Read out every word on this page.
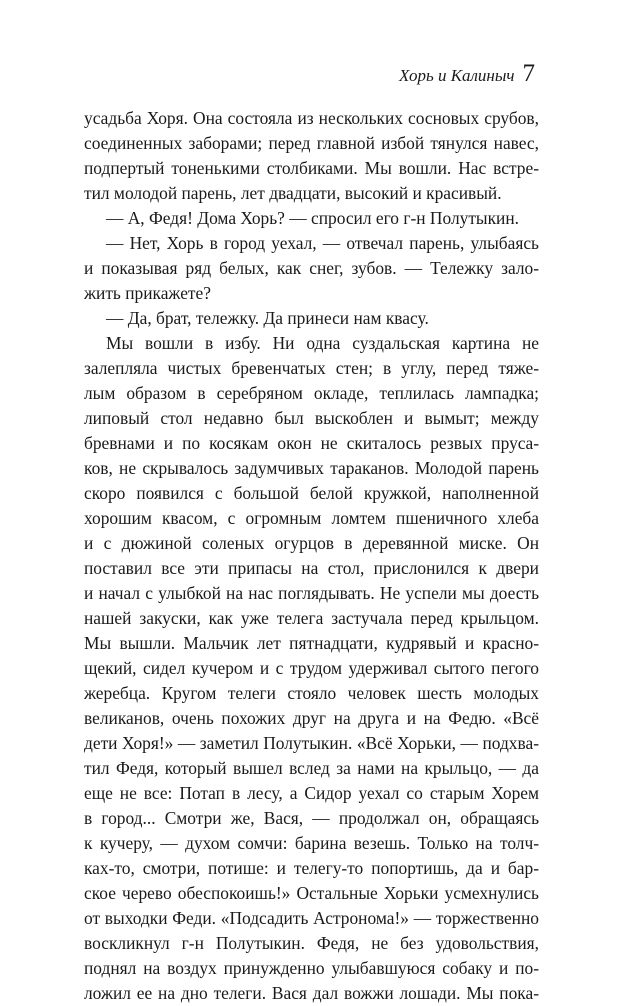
Хорь и Калиныч 7
усадьба Хоря. Она состояла из нескольких сосновых срубов,
соединенных заборами; перед главной избой тянулся навес,
подпертый тоненькими столбиками. Мы вошли. Нас встре-
тил молодой парень, лет двадцати, высокий и красивый.
— А, Федя! Дома Хорь? — спросил его г-н Полутыкин.
— Нет, Хорь в город уехал, — отвечал парень, улыбаясь
и показывая ряд белых, как снег, зубов. — Тележку зало-
жить прикажете?
— Да, брат, тележку. Да принеси нам квасу.
Мы вошли в избу. Ни одна суздальская картина не
залепляла чистых бревенчатых стен; в углу, перед тяже-
лым образом в серебряном окладе, теплилась лампадка;
липовый стол недавно был выскоблен и вымыт; между
бревнами и по косякам окон не скиталось резвых прусa-
ков, не скрывалось задумчивых тараканов. Молодой парень
скоро появился с большой белой кружкой, наполненной
хорошим квасом, с огромным ломтем пшеничного хлеба
и с дюжиной соленых огурцов в деревянной миске. Он
поставил все эти припасы на стол, прислонился к двери
и начал с улыбкой на нас поглядывать. Не успели мы доесть
нашей закуски, как уже телега застучала перед крыльцом.
Мы вышли. Мальчик лет пятнадцати, кудрявый и красно-
щекий, сидел кучером и с трудом удерживал сытого пегого
жеребца. Кругом телеги стояло человек шесть молодых
великанов, очень похожих друг на друга и на Федю. «Всё
дети Хоря!» — заметил Полутыкин. «Всё Хорьки, — подхва-
тил Федя, который вышел вслед за нами на крыльцо, — да
еще не все: Потап в лесу, а Сидор уехал со старым Хорем
в город... Смотри же, Вася, — продолжал он, обращаясь
к кучеру, — духом сомчи: барина везешь. Только на толч-
ках-то, смотри, потише: и телегу-то попортишь, да и бар-
ское черево обеспокоишь!» Остальные Хорьки усмехнулись
от выходки Феди. «Подсадить Астронома!» — торжественно
воскликнул г-н Полутыкин. Федя, не без удовольствия,
поднял на воздух принужденно улыбавшуюся собаку и по-
ложил ее на дно телеги. Вася дал вожжи лошади. Мы пока-
